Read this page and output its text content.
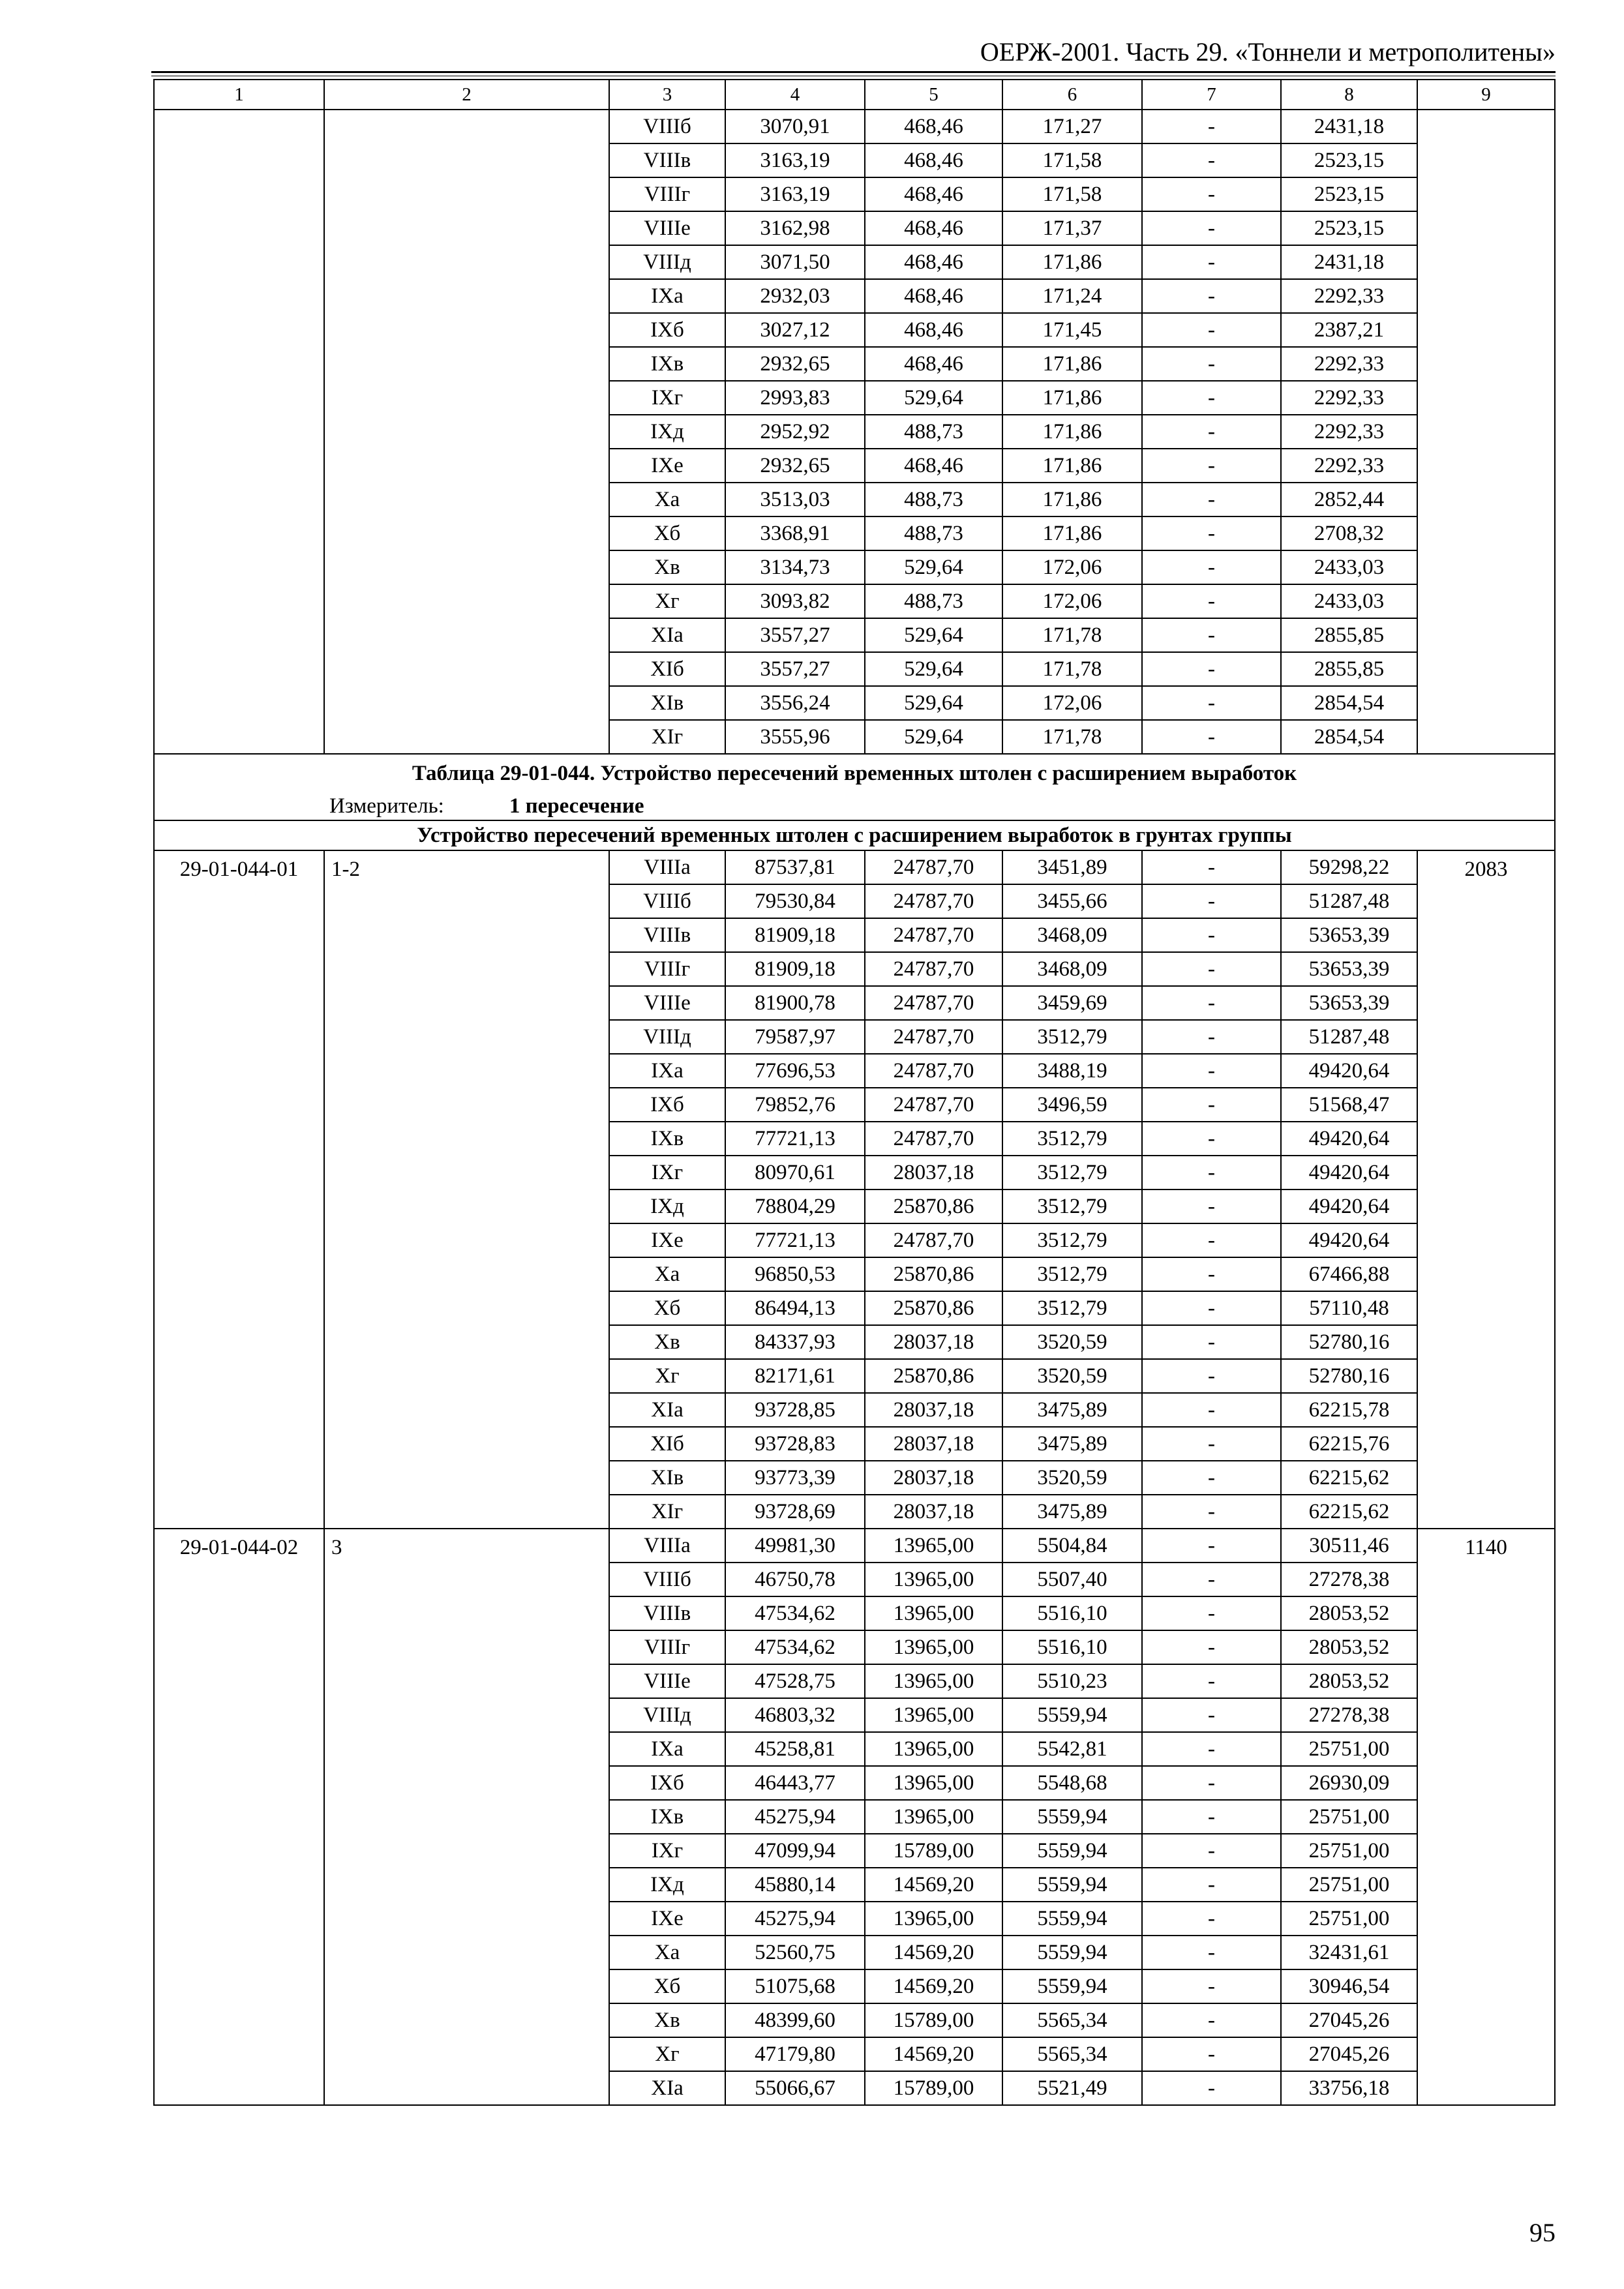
ОЕРЖ-2001. Часть 29. «Тоннели и метрополитены»
1	2	3	4	5	6	7	8	9
		VIIIб	3070,91	468,46	171,27	-	2431,18	
		VIIIв	3163,19	468,46	171,58	-	2523,15	
		VIIIг	3163,19	468,46	171,58	-	2523,15	
		VIIIе	3162,98	468,46	171,37	-	2523,15	
		VIIIд	3071,50	468,46	171,86	-	2431,18	
		IXа	2932,03	468,46	171,24	-	2292,33	
		IXб	3027,12	468,46	171,45	-	2387,21	
		IXв	2932,65	468,46	171,86	-	2292,33	
		IXг	2993,83	529,64	171,86	-	2292,33	
		IXд	2952,92	488,73	171,86	-	2292,33	
		IXе	2932,65	468,46	171,86	-	2292,33	
		Xа	3513,03	488,73	171,86	-	2852,44	
		Xб	3368,91	488,73	171,86	-	2708,32	
		Xв	3134,73	529,64	172,06	-	2433,03	
		Xг	3093,82	488,73	172,06	-	2433,03	
		XIа	3557,27	529,64	171,78	-	2855,85	
		XIб	3557,27	529,64	171,78	-	2855,85	
		XIв	3556,24	529,64	172,06	-	2854,54	
		XIг	3555,96	529,64	171,78	-	2854,54	
Таблица 29-01-044. Устройство пересечений временных штолен с расширением выработок								
Измеритель: 1 пересечение								
Устройство пересечений временных штолен с расширением выработок в грунтах группы								
29-01-044-01	1-2	VIIIа	87537,81	24787,70	3451,89	-	59298,22	2083
		VIIIб	79530,84	24787,70	3455,66	-	51287,48	
		VIIIв	81909,18	24787,70	3468,09	-	53653,39	
		VIIIг	81909,18	24787,70	3468,09	-	53653,39	
		VIIIе	81900,78	24787,70	3459,69	-	53653,39	
		VIIIд	79587,97	24787,70	3512,79	-	51287,48	
		IXа	77696,53	24787,70	3488,19	-	49420,64	
		IXб	79852,76	24787,70	3496,59	-	51568,47	
		IXв	77721,13	24787,70	3512,79	-	49420,64	
		IXг	80970,61	28037,18	3512,79	-	49420,64	
		IXд	78804,29	25870,86	3512,79	-	49420,64	
		IXе	77721,13	24787,70	3512,79	-	49420,64	
		Xа	96850,53	25870,86	3512,79	-	67466,88	
		Xб	86494,13	25870,86	3512,79	-	57110,48	
		Xв	84337,93	28037,18	3520,59	-	52780,16	
		Xг	82171,61	25870,86	3520,59	-	52780,16	
		XIа	93728,85	28037,18	3475,89	-	62215,78	
		XIб	93728,83	28037,18	3475,89	-	62215,76	
		XIв	93773,39	28037,18	3520,59	-	62215,62	
		XIг	93728,69	28037,18	3475,89	-	62215,62	
29-01-044-02	3	VIIIа	49981,30	13965,00	5504,84	-	30511,46	1140
		VIIIб	46750,78	13965,00	5507,40	-	27278,38	
		VIIIв	47534,62	13965,00	5516,10	-	28053,52	
		VIIIг	47534,62	13965,00	5516,10	-	28053,52	
		VIIIе	47528,75	13965,00	5510,23	-	28053,52	
		VIIIд	46803,32	13965,00	5559,94	-	27278,38	
		IXа	45258,81	13965,00	5542,81	-	25751,00	
		IXб	46443,77	13965,00	5548,68	-	26930,09	
		IXв	45275,94	13965,00	5559,94	-	25751,00	
		IXг	47099,94	15789,00	5559,94	-	25751,00	
		IXд	45880,14	14569,20	5559,94	-	25751,00	
		IXе	45275,94	13965,00	5559,94	-	25751,00	
		Xа	52560,75	14569,20	5559,94	-	32431,61	
		Xб	51075,68	14569,20	5559,94	-	30946,54	
		Xв	48399,60	15789,00	5565,34	-	27045,26	
		Xг	47179,80	14569,20	5565,34	-	27045,26	
		XIа	55066,67	15789,00	5521,49	-	33756,18	
95
